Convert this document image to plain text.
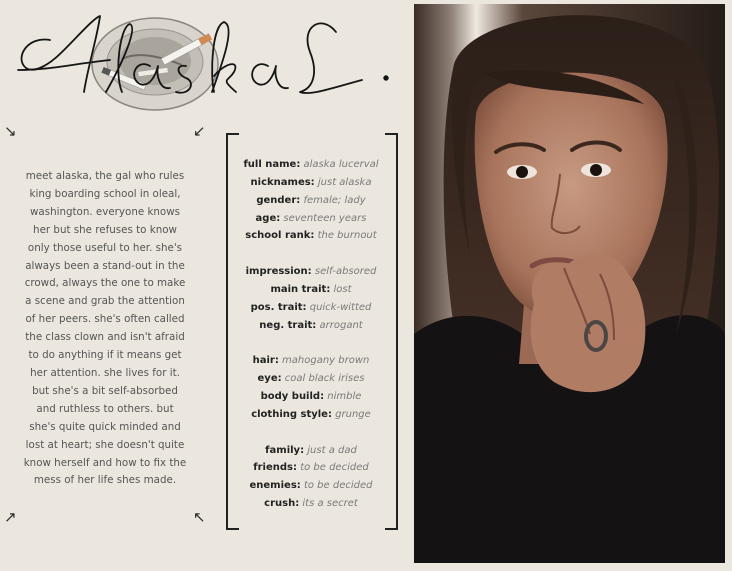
↘	↙
↗	↖
meet alaska, the gal who rules king boarding school in oleal, washington. everyone knows her but she refuses to know only those useful to her. she's always been a stand-out in the crowd, always the one to make a scene and grab the attention of her peers. she's often called the class clown and isn't afraid to do anything if it means get her attention. she lives for it. but she's a bit self-absorbed and ruthless to others. but she's quite quick minded and lost at heart; she doesn't quite know herself and how to fix the mess of her life shes made.
full name: alaska lucerval
nicknames: just alaska
gender: female; lady
age: seventeen years
school rank: the burnout
impression: self-absored
main trait: lost
pos. trait: quick-witted
neg. trait: arrogant
hair: mahogany brown
eye: coal black irises
body build: nimble
clothing style: grunge
family: just a dad
friends: to be decided
enemies: to be decided
crush: its a secret
